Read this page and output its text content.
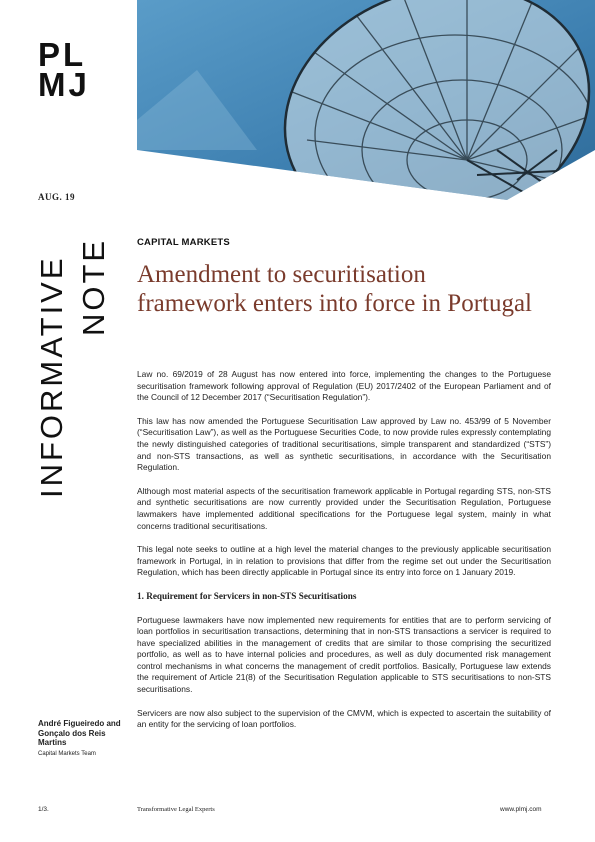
PL
MJ
AUG. 19
INFORMATIVE NOTE	CAPITAL MARKETS
Amendment to securitisation framework enters into force in Portugal

Law no. 69/2019 of 28 August has now entered into force, implementing the changes to the Portuguese securitisation framework following approval of Regulation (EU) 2017/2402 of the European Parliament and of the Council of 12 December 2017 (“Securitisation Regulation”).

This law has now amended the Portuguese Securitisation Law approved by Law no. 453/99 of 5 November (“Securitisation Law”), as well as the Portuguese Securities Code, to now provide rules expressly contemplating the newly distinguished categories of traditional securitisations, simple transparent and standardized (“STS”) and non-STS transactions, as well as synthetic securitisations, in accordance with the Securitisation Regulation.

Although most material aspects of the securitisation framework applicable in Portugal regarding STS, non-STS and synthetic securitisations are now currently provided under the Securitisation Regulation, Portuguese lawmakers have implemented additional specifications for the Portuguese legal system, mainly in what concerns traditional securitisations.

This legal note seeks to outline at a high level the material changes to the previously applicable securitisation framework in Portugal, in in relation to provisions that differ from the regime set out under the Securitisation Regulation, which has been directly applicable in Portugal since its entry into force on 1 January 2019.

1. Requirement for Servicers in non-STS Securitisations

Portuguese lawmakers have now implemented new requirements for entities that are to perform servicing of loan portfolios in securitisation transactions, determining that in non-STS transactions a servicer is required to have specialized abilities in the management of credits that are similar to those comprising the securitized portfolio, as well as to have internal policies and procedures, as well as duly documented risk management control mechanisms in what concerns the management of credit portfolios. Basically, Portuguese law extends the requirement of Article 21(8) of the Securitisation Regulation applicable to STS securitisations to non-STS securitisations.

Servicers are now also subject to the supervision of the CMVM, which is expected to ascertain the suitability of an entity for the servicing of loan portfolios.

André Figueiredo and Gonçalo dos Reis Martins
Capital Markets Team
1/3.	Transformative Legal Experts	www.plmj.com
